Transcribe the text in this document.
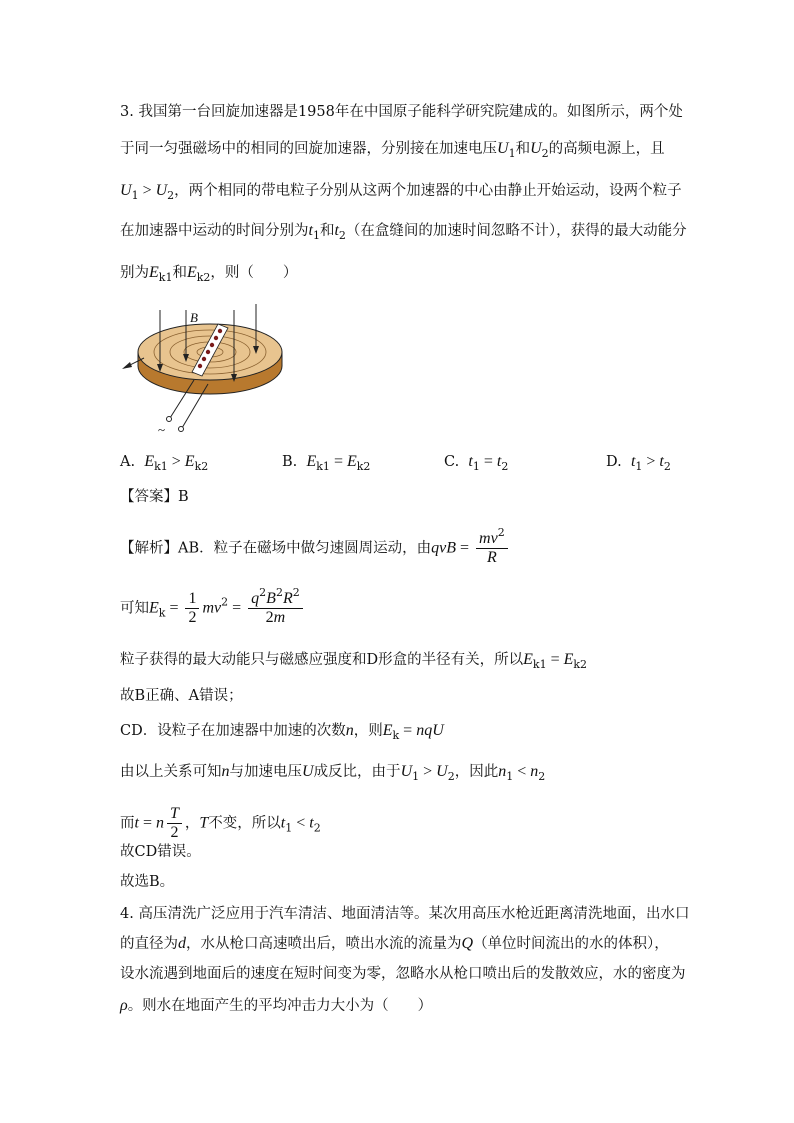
3. 我国第一台回旋加速器是1958年在中国原子能科学研究院建成的。如图所示，两个处
于同一匀强磁场中的相同的回旋加速器，分别接在加速电压$U_1$和$U_2$的高频电源上，且
$U_1 > U_2$，两个相同的带电粒子分别从这两个加速器的中心由静止开始运动，设两个粒子
在加速器中运动的时间分别为$t_1$和$t_2$（在盒缝间的加速时间忽略不计），获得的最大动能分
别为$E_{k1}$和$E_{k2}$，则（　　）
B
~
A. $E_{k1} > E_{k2}$	B. $E_{k1} = E_{k2}$	C. $t_1 = t_2$	D. $t_1 > t_2$
【答案】B
【解析】AB．粒子在磁场中做匀速圆周运动，由qvB = $\frac{mv^2}{R}$
可知$E_k = \frac{1}{2} mv^2 = \frac{q^2B^2R^2}{2m}$
粒子获得的最大动能只与磁感应强度和D形盒的半径有关，所以$E_{k1} = E_{k2}$
故B正确、A错误；
CD．设粒子在加速器中加速的次数n，则$E_k$ = nqU
由以上关系可知n与加速电压U成反比，由于$U_1 > U_2$，因此$n_1 < n_2$
而t = n $\frac{T}{2}$ ，T不变，所以$t_1 < t_2$
故CD错误。
故选B。
4. 高压清洗广泛应用于汽车清洁、地面清洁等。某次用高压水枪近距离清洗地面，出水口
的直径为d，水从枪口高速喷出后，喷出水流的流量为Q（单位时间流出的水的体积），
设水流遇到地面后的速度在短时间变为零，忽略水从枪口喷出后的发散效应，水的密度为
ρ。则水在地面产生的平均冲击力大小为（　　）
